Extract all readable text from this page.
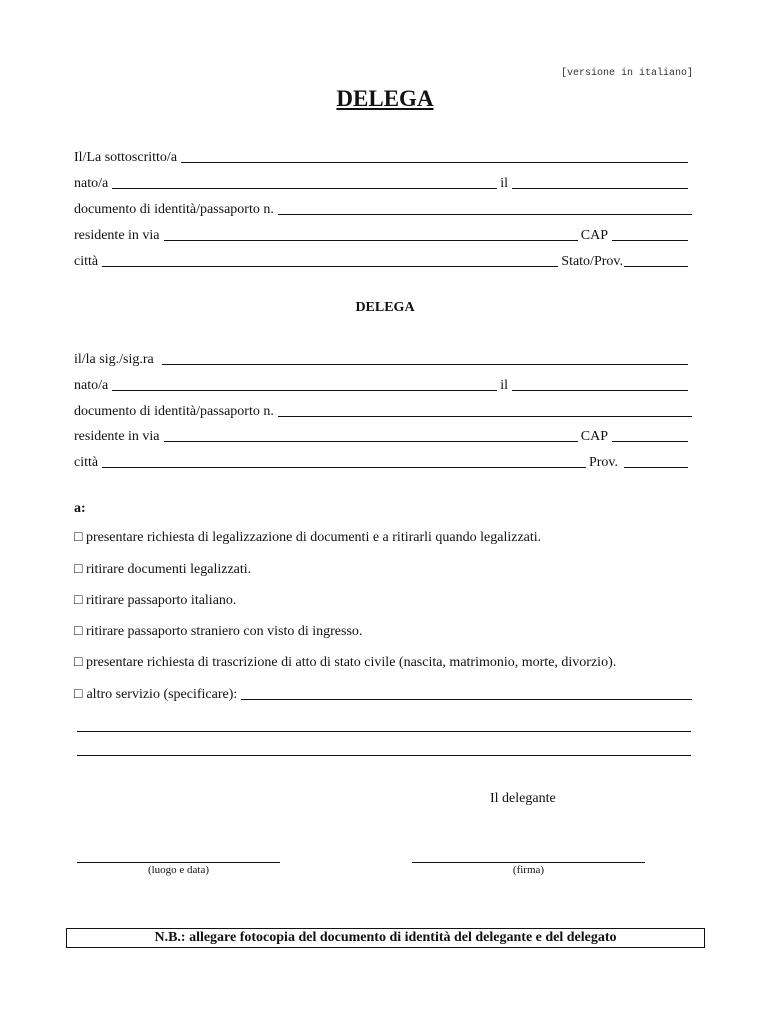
[versione in italiano]
DELEGA
Il/La sottoscritto/a
nato/a	il
documento di identità/passaporto n.
residente in via	CAP
città	Stato/Prov.
DELEGA
il/la sig./sig.ra
nato/a	il
documento di identità/passaporto n.
residente in via	CAP
città	Prov.
a:
□ presentare richiesta di legalizzazione di documenti e a ritirarli quando legalizzati.
□ ritirare documenti legalizzati.
□ ritirare passaporto italiano.
□ ritirare passaporto straniero con visto di ingresso.
□ presentare richiesta di trascrizione di atto di stato civile (nascita, matrimonio, morte, divorzio).
□ altro servizio (specificare):
Il delegante
(luogo e data)	(firma)
N.B.: allegare fotocopia del documento di identità del delegante e del delegato
